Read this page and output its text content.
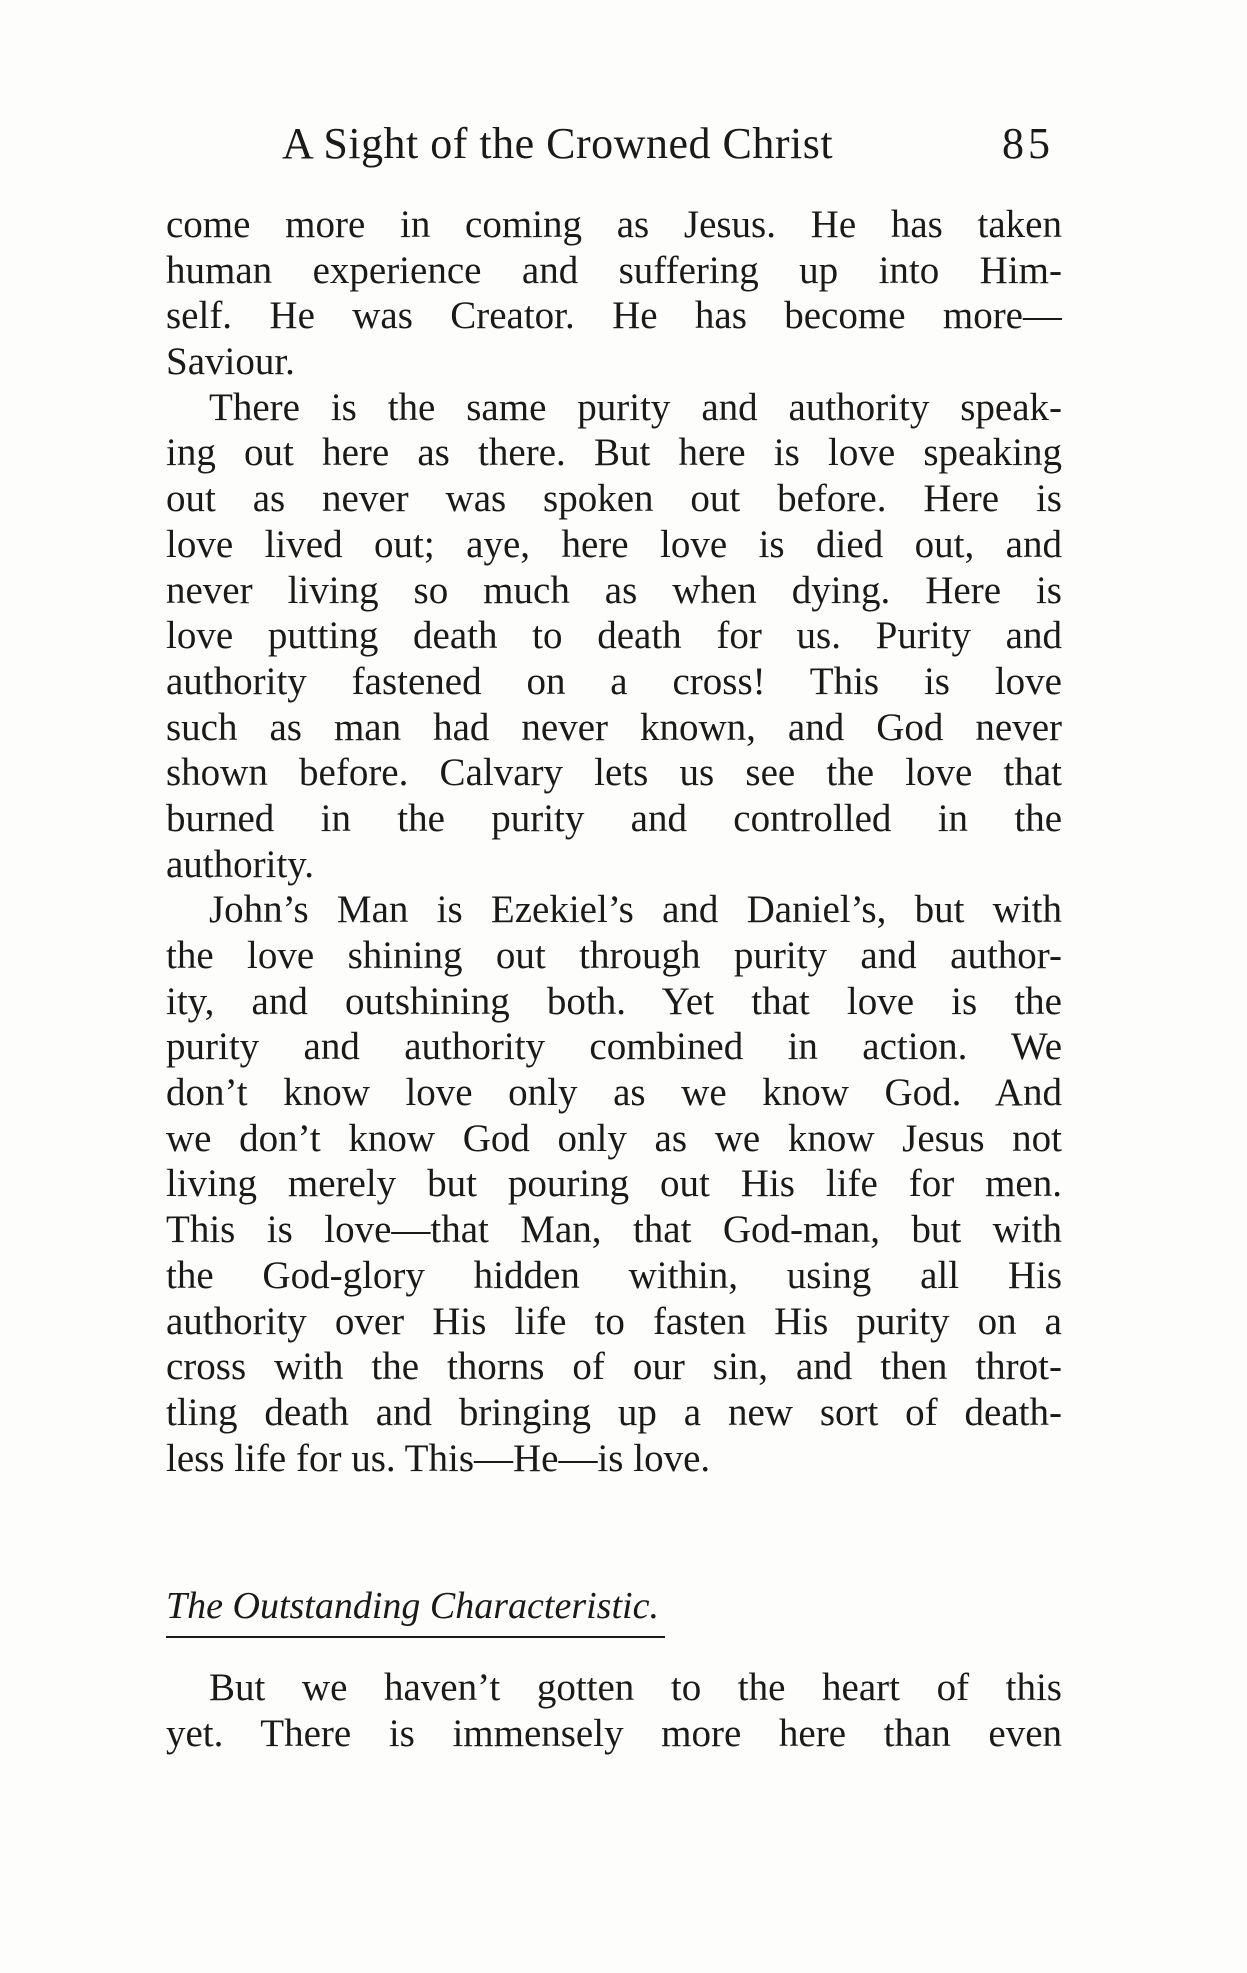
A Sight of the Crowned Christ	85
come more in coming as Jesus. He has taken
human experience and suffering up into Him-
self. He was Creator. He has become more—
Saviour.
There is the same purity and authority speak-
ing out here as there. But here is love speaking
out as never was spoken out before. Here is
love lived out; aye, here love is died out, and
never living so much as when dying. Here is
love putting death to death for us. Purity and
authority fastened on a cross! This is love
such as man had never known, and God never
shown before. Calvary lets us see the love that
burned in the purity and controlled in the
authority.
John’s Man is Ezekiel’s and Daniel’s, but with
the love shining out through purity and author-
ity, and outshining both. Yet that love is the
purity and authority combined in action. We
don’t know love only as we know God. And
we don’t know God only as we know Jesus not
living merely but pouring out His life for men.
This is love—that Man, that God-man, but with
the God-glory hidden within, using all His
authority over His life to fasten His purity on a
cross with the thorns of our sin, and then throt-
tling death and bringing up a new sort of death-
less life for us. This—He—is love.
The Outstanding Characteristic.
But we haven’t gotten to the heart of this
yet. There is immensely more here than even
